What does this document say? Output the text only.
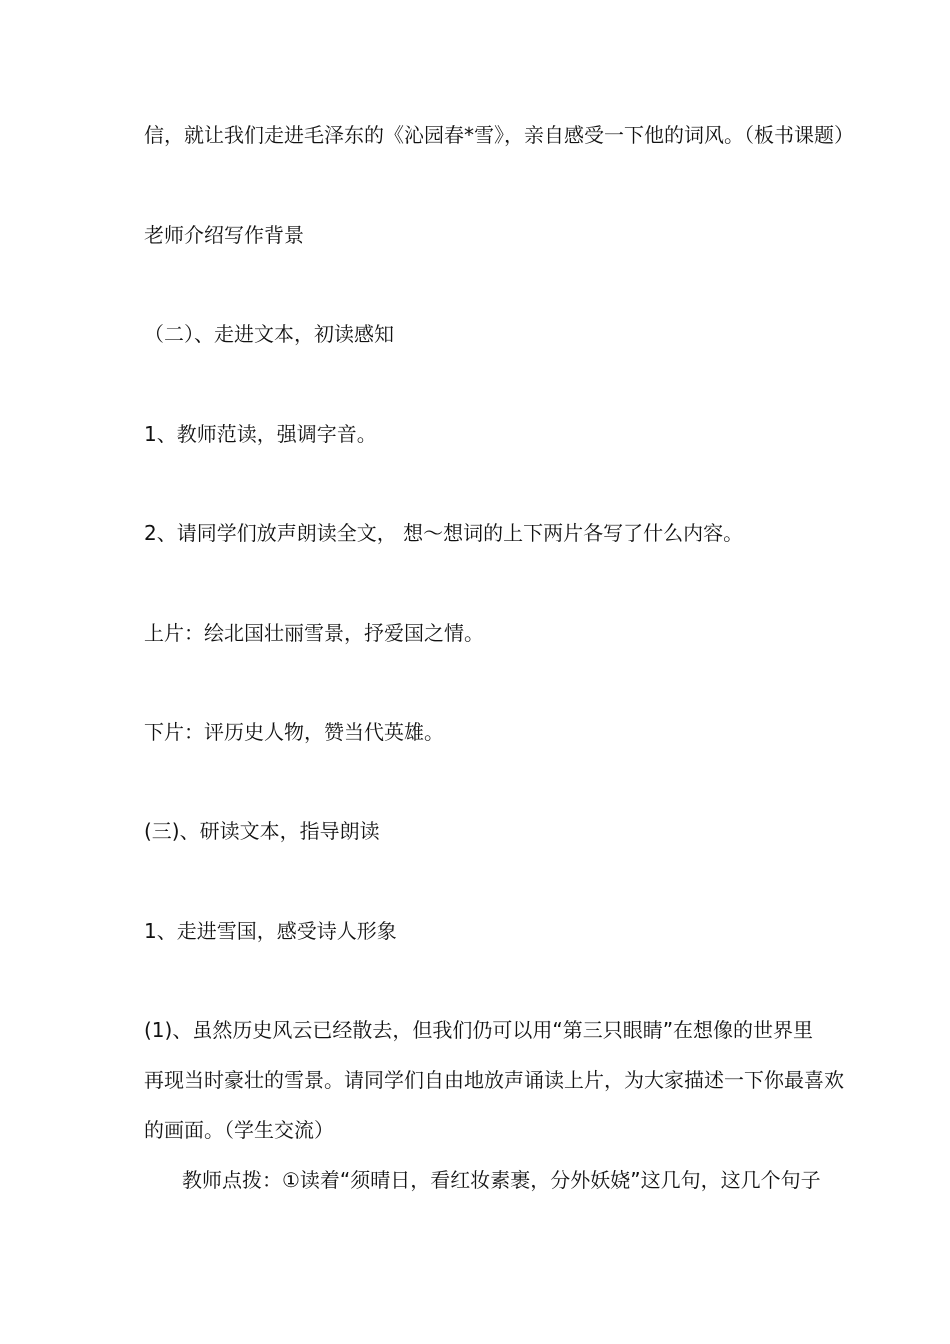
信，就让我们走进毛泽东的《沁园春*雪》，亲自感受一下他的词风。（板书课题）
老师介绍写作背景
（二）、走进文本，初读感知
1、教师范读，强调字音。
2、请同学们放声朗读全文， 想～想词的上下两片各写了什么内容。
上片：绘北国壮丽雪景，抒爱国之情。
下片：评历史人物，赞当代英雄。
(三)、研读文本，指导朗读
1、走进雪国，感受诗人形象
(1)、虽然历史风云已经散去，但我们仍可以用“第三只眼睛”在想像的世界里
再现当时豪壮的雪景。请同学们自由地放声诵读上片，为大家描述一下你最喜欢
的画面。（学生交流）
教师点拨：①读着“须晴日，看红妆素裹，分外妖娆”这几句，这几个句子
